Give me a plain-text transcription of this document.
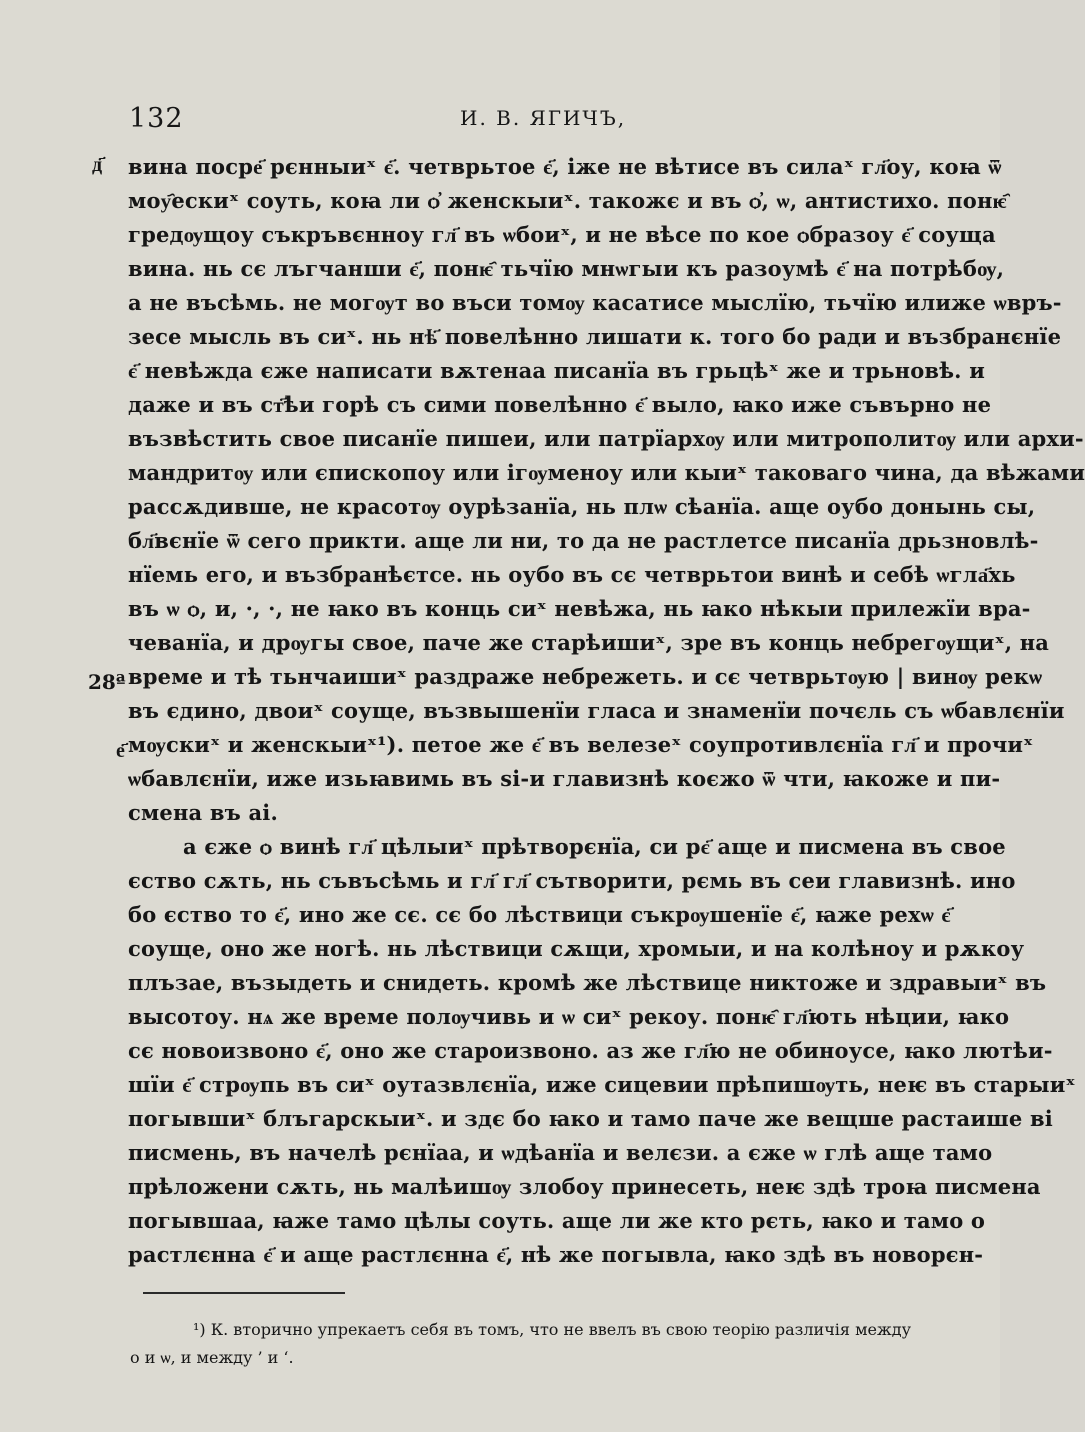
132	И. В. ЯГИЧЪ,
д҃
28ª
е҃
вина посре҃ рєнныиˣ є҃. четврьтое є҃, іже не вѣтисе въ силаˣ гл҃оу, коꙗ ѿ
моу҄ескиˣ соуть, коꙗ ли ѻ҆ женскыиˣ. такожє и въ ѻ҆, ѡ, антистихо. понѥ҄
гредѹщоу съкръвєнноу гл҃ въ ѡбоиˣ, и не вѣсе по кое ѻбразоу є҃ соуща
вина. нь сє лъгчанши є҃, понѥ҄ тьчїю мнѡгыи къ разоумѣ є҃ на потрѣбѹ,
а не въсѣмь. не могѹт во въси томѹ касатисе мыслїю, тьчїю илиже ѡвръ-
зесе мысль въ сиˣ. нь нѣ҃ повелѣнно лишати к. того бо ради и възбранєнїе
є҃ невѣжда єже написати вѫтенаа писанїа въ грьцѣˣ же и трьновѣ. и
даже и въ ст҃ѣи горѣ съ сими повелѣнно є҃ выло, ꙗко иже съвърно не
възвѣстить свое писанїе пишеи, или патрїархѹ или митрополитѹ или архи-
мандритѹ или єпископоу или ігѹменоу или кыиˣ таковаго чина, да вѣжами
рассѫдивше, не красотѹ оурѣзанїа, нь плѡ сѣанїа. аще оубо донынь сы,
бл҃вєнїе ѿ сего прикти. аще ли ни, то да не растлетсе писанїа дрьзновлѣ-
нїемь его, и възбранѣєтсе. нь оубо въ сє четврьтои винѣ и себѣ ѡгла҃хь
въ ѡ ѻ, и, ·, ·, не ꙗко въ конць сиˣ невѣжа, нь ꙗко нѣкыи прилежїи вра-
чеванїа, и дрѹгы свое, паче же старѣишиˣ, зре въ конць небрегѹщиˣ, на
време и тѣ тьнчаишиˣ раздраже небрежеть. и сє четврьтѹю | винѹ рекѡ
въ єдино, двоиˣ соуще, възвышенїи гласа и знаменїи почєль съ ѡбавлєнїи
мѹскиˣ и женскыиˣ¹). петое же є҃ въ велезеˣ соупротивлєнїа гл҃ и прочиˣ
ѡбавлєнїи, иже изьꙗвимь въ ѕі-и главизнѣ коєжо ѿ чти, ꙗкоже и пи-
смена въ аі.
а єже ѻ винѣ гл҃ цѣлыиˣ прѣтворєнїа, си рє҃ аще и писмена въ свое
єство сѫть, нь съвъсѣмь и гл҃ гл҃ сътворити, рємь въ сеи главизнѣ. ино
бо єство то є҃, ино же сє. сє бо лѣствици съкрѹшенїе є҃, ꙗже рехѡ є҃
соуще, оно же ногѣ. нь лѣствици сѫщи, хромыи, и на колѣноу и рѫкоу
плъзае, възыдеть и снидеть. кромѣ же лѣствице никтоже и здравыиˣ въ
высотоу. нѧ же време полѹчивь и ѡ сиˣ рекоу. понѥ҄ гл҃ють нѣции, ꙗко
сє новоизвоно є҃, оно же староизвоно. аз же гл҃ю не обиноусе, ꙗко лютѣи-
шїи є҃ стрѹпь въ сиˣ оутазвлєнїа, иже сицевии прѣпишѹть, неѥ въ старыиˣ
погывшиˣ блъгарскыиˣ. и здє бо ꙗко и тамо паче же вещше растаише ві
писмень, въ начелѣ рєнїаа, и ѡдѣанїа и велєзи. а єже ѡ глѣ аще тамо
прѣложени сѫть, нь малѣишѹ злобоу принесеть, неѥ здѣ троꙗ писмена
погывшаа, ꙗже тамо цѣлы соуть. аще ли же кто рєть, ꙗко и тамо о
растлєнна є҃ и аще растлєнна є҃, нѣ же погывла, ꙗко здѣ въ новорєн-
¹) К. вторично упрекаетъ себя въ томъ, что не ввелъ въ свою теорію различія между
о и ѡ, и между ’ и ‘.
